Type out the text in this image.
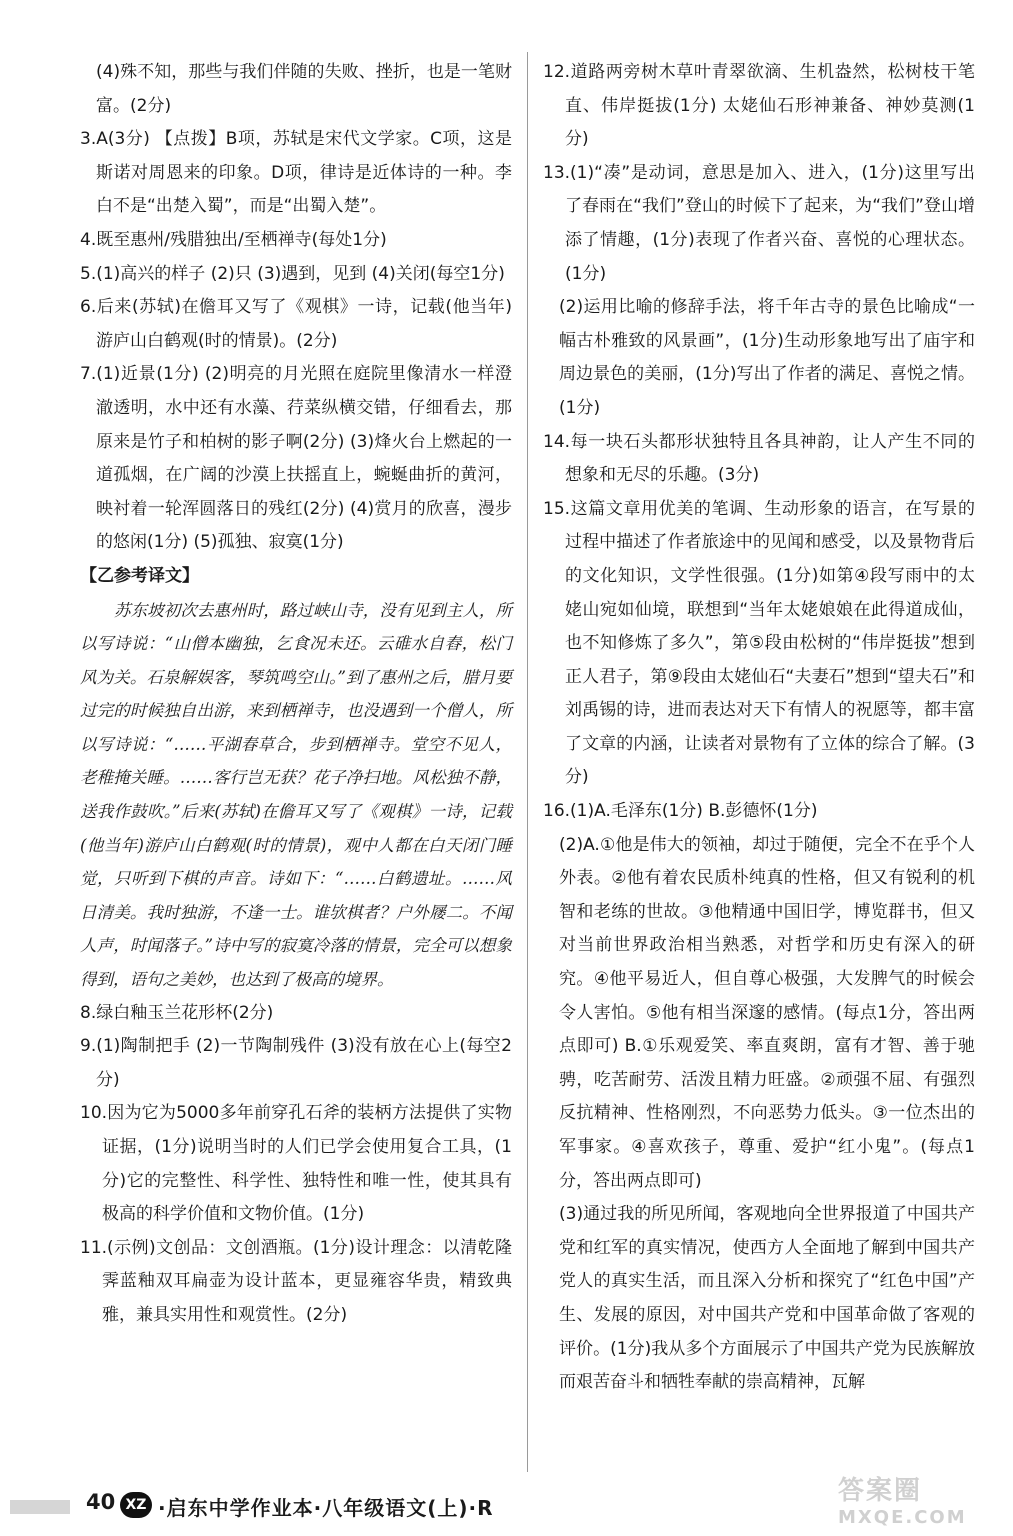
(4)殊不知，那些与我们伴随的失败、挫折，也是一笔财富。(2分)

3.A(3分) 【点拨】B项，苏轼是宋代文学家。C项，这是斯诺对周恩来的印象。D项，律诗是近体诗的一种。李白不是“出楚入蜀”，而是“出蜀入楚”。

4.既至惠州/残腊独出/至栖禅寺(每处1分)

5.(1)高兴的样子 (2)只 (3)遇到，见到 (4)关闭(每空1分)

6.后来(苏轼)在儋耳又写了《观棋》一诗，记载(他当年)游庐山白鹤观(时的情景)。(2分)

7.(1)近景(1分) (2)明亮的月光照在庭院里像清水一样澄澈透明，水中还有水藻、荇菜纵横交错，仔细看去，那原来是竹子和柏树的影子啊(2分) (3)烽火台上燃起的一道孤烟，在广阔的沙漠上扶摇直上，蜿蜒曲折的黄河，映衬着一轮浑圆落日的残红(2分) (4)赏月的欣喜，漫步的悠闲(1分) (5)孤独、寂寞(1分)

【乙参考译文】

苏东坡初次去惠州时，路过峡山寺，没有见到主人，所以写诗说：“山僧本幽独，乞食况未还。云碓水自舂，松门风为关。石泉解娱客，琴筑鸣空山。”到了惠州之后，腊月要过完的时候独自出游，来到栖禅寺，也没遇到一个僧人，所以写诗说：“……平湖春草合，步到栖禅寺。堂空不见人，老稚掩关睡。……客行岂无获？花子净扫地。风松独不静，送我作鼓吹。”后来(苏轼)在儋耳又写了《观棋》一诗，记载(他当年)游庐山白鹤观(时的情景)，观中人都在白天闭门睡觉，只听到下棋的声音。诗如下：“……白鹤遗址。……风日清美。我时独游，不逢一士。谁欤棋者？户外屦二。不闻人声，时闻落子。”诗中写的寂寞冷落的情景，完全可以想象得到，语句之美妙，也达到了极高的境界。

8.绿白釉玉兰花形杯(2分)

9.(1)陶制把手 (2)一节陶制残件 (3)没有放在心上(每空2分)

10.因为它为5000多年前穿孔石斧的装柄方法提供了实物证据，(1分)说明当时的人们已学会使用复合工具，(1分)它的完整性、科学性、独特性和唯一性，使其具有极高的科学价值和文物价值。(1分)

11.(示例)文创品：文创酒瓶。(1分)设计理念：以清乾隆霁蓝釉双耳扁壶为设计蓝本，更显雍容华贵，精致典雅，兼具实用性和观赏性。(2分)

12.道路两旁树木草叶青翠欲滴、生机盎然，松树枝干笔直、伟岸挺拔(1分) 太姥仙石形神兼备、神妙莫测(1分)

13.(1)“凑”是动词，意思是加入、进入，(1分)这里写出了春雨在“我们”登山的时候下了起来，为“我们”登山增添了情趣，(1分)表现了作者兴奋、喜悦的心理状态。(1分)

(2)运用比喻的修辞手法，将千年古寺的景色比喻成“一幅古朴雅致的风景画”，(1分)生动形象地写出了庙宇和周边景色的美丽，(1分)写出了作者的满足、喜悦之情。(1分)

14.每一块石头都形状独特且各具神韵，让人产生不同的想象和无尽的乐趣。(3分)

15.这篇文章用优美的笔调、生动形象的语言，在写景的过程中描述了作者旅途中的见闻和感受，以及景物背后的文化知识，文学性很强。(1分)如第④段写雨中的太姥山宛如仙境，联想到“当年太姥娘娘在此得道成仙，也不知修炼了多久”，第⑤段由松树的“伟岸挺拔”想到正人君子，第⑨段由太姥仙石“夫妻石”想到“望夫石”和刘禹锡的诗，进而表达对天下有情人的祝愿等，都丰富了文章的内涵，让读者对景物有了立体的综合了解。(3分)

16.(1)A.毛泽东(1分) B.彭德怀(1分)

(2)A.①他是伟大的领袖，却过于随便，完全不在乎个人外表。②他有着农民质朴纯真的性格，但又有锐利的机智和老练的世故。③他精通中国旧学，博览群书，但又对当前世界政治相当熟悉，对哲学和历史有深入的研究。④他平易近人，但自尊心极强，大发脾气的时候会令人害怕。⑤他有相当深邃的感情。(每点1分，答出两点即可) B.①乐观爱笑、率直爽朗，富有才智、善于驰骋，吃苦耐劳、活泼且精力旺盛。②顽强不屈、有强烈反抗精神、性格刚烈，不向恶势力低头。③一位杰出的军事家。④喜欢孩子，尊重、爱护“红小鬼”。(每点1分，答出两点即可)

(3)通过我的所见所闻，客观地向全世界报道了中国共产党和红军的真实情况，使西方人全面地了解到中国共产党人的真实生活，而且深入分析和探究了“红色中国”产生、发展的原因，对中国共产党和中国革命做了客观的评价。(1分)我从多个方面展示了中国共产党为民族解放而艰苦奋斗和牺牲奉献的崇高精神，瓦解

40 XZ ·启东中学作业本·八年级语文(上)·R
答案圈
MXQE.COM
